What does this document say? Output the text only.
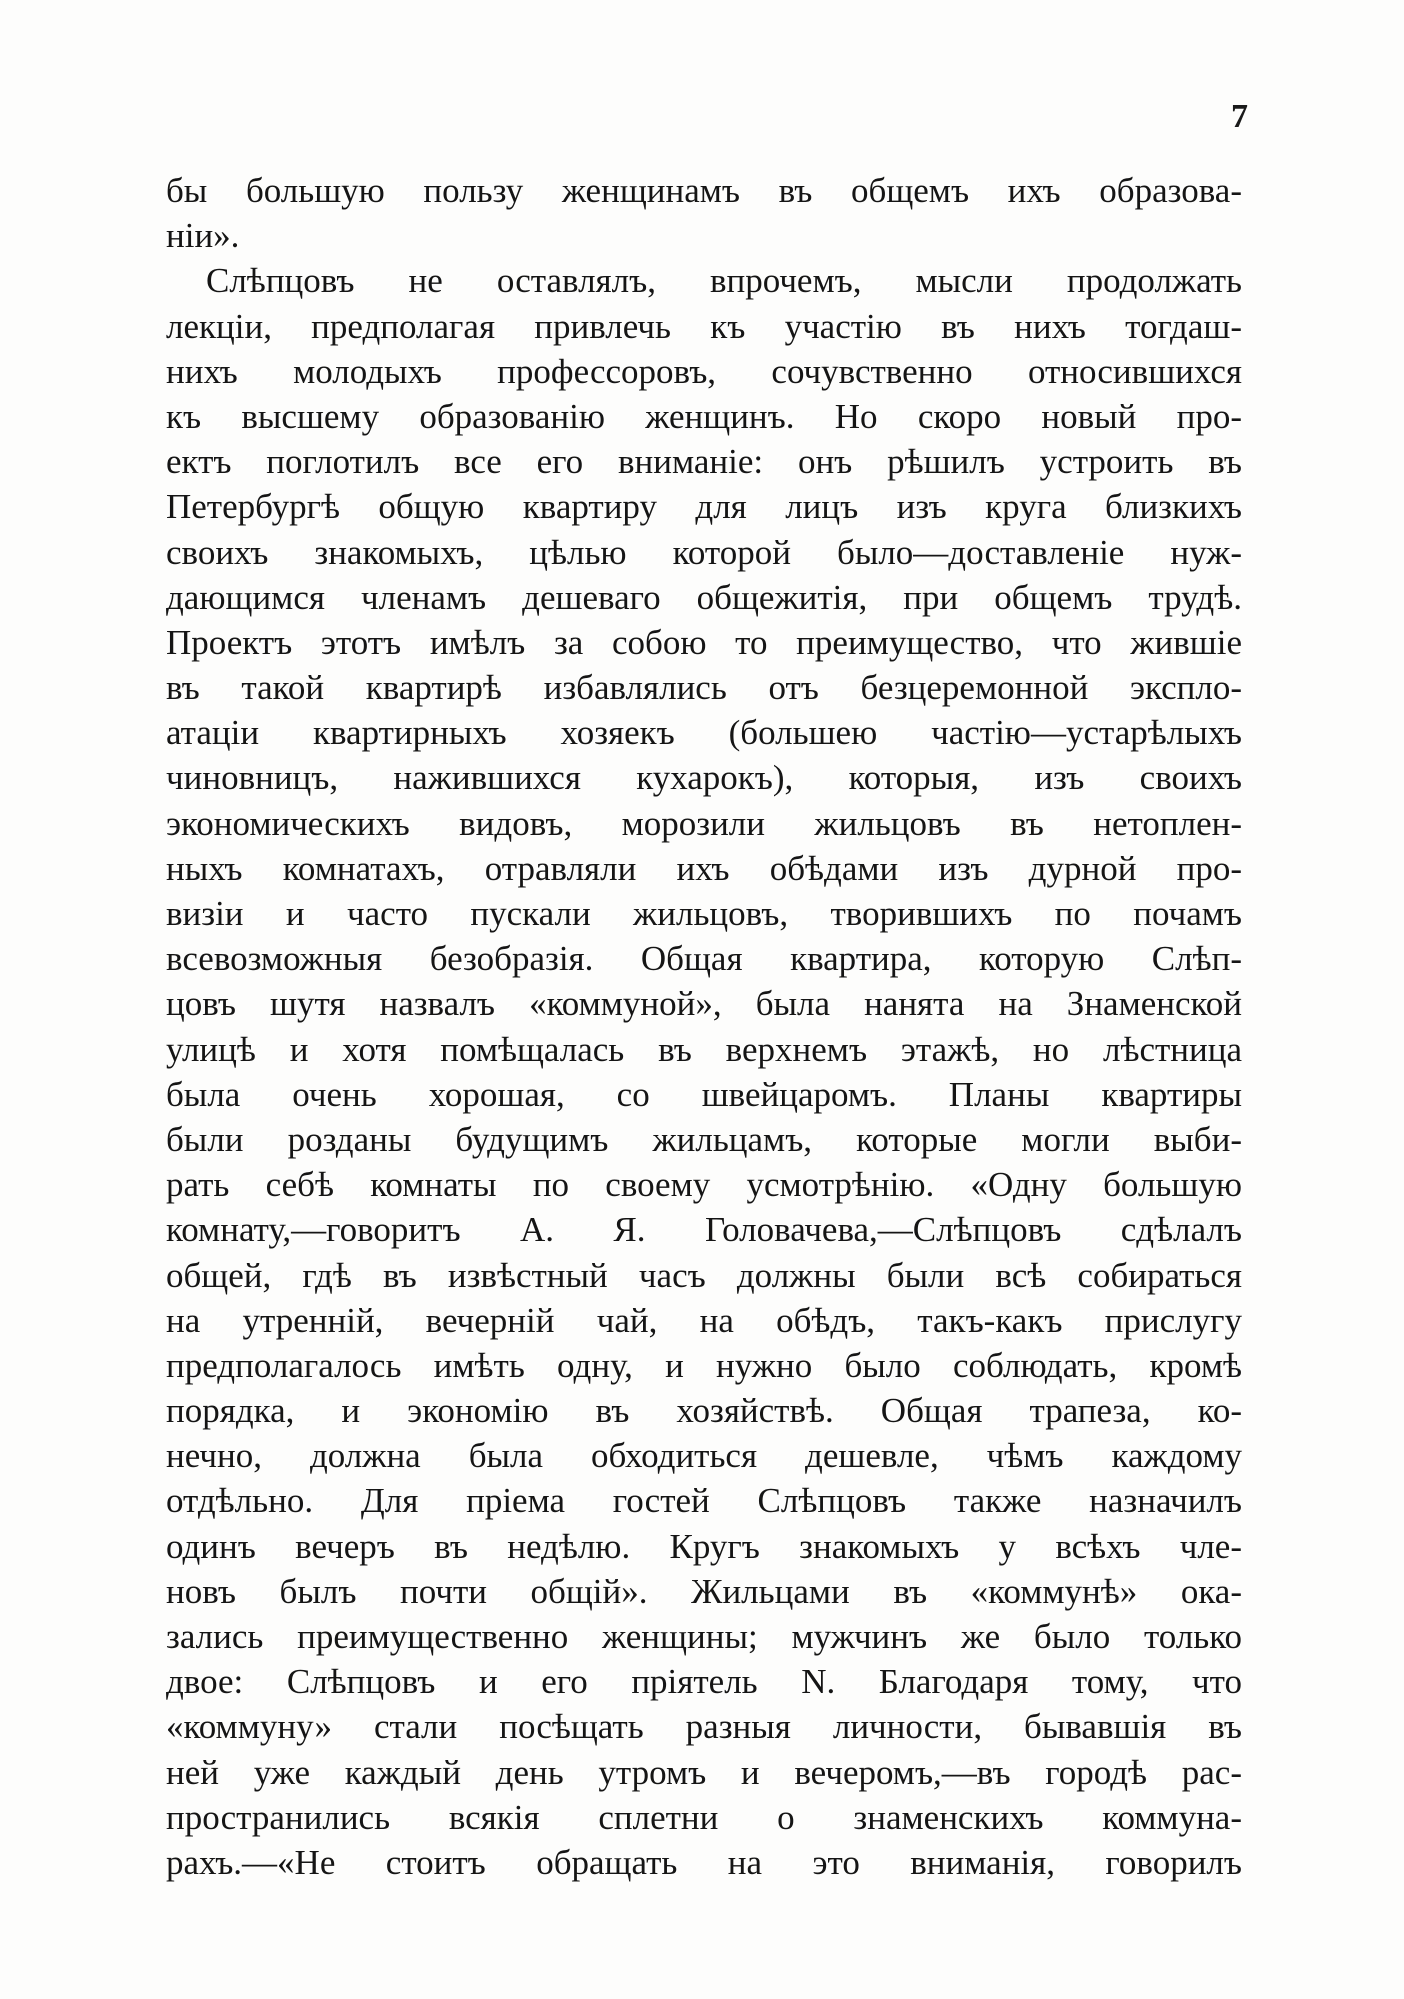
7
бы большую пользу женщинамъ въ общемъ ихъ образова-
ніи».
Слѣпцовъ не оставлялъ, впрочемъ, мысли продолжать
лекціи, предполагая привлечь къ участію въ нихъ тогдаш-
нихъ молодыхъ профессоровъ, сочувственно относившихся
къ высшему образованію женщинъ. Но скоро новый про-
ектъ поглотилъ все его вниманіе: онъ рѣшилъ устроить въ
Петербургѣ общую квартиру для лицъ изъ круга близкихъ
своихъ знакомыхъ, цѣлью которой было—доставленіе нуж-
дающимся членамъ дешеваго общежитія, при общемъ трудѣ.
Проектъ этотъ имѣлъ за собою то преимущество, что жившіе
въ такой квартирѣ избавлялись отъ безцеремонной эксплo-
атаціи квартирныхъ хозяекъ (большею частію—устарѣлыхъ
чиновницъ, нажившихся кухарокъ), которыя, изъ своихъ
экономическихъ видовъ, морозили жильцовъ въ нетоплен-
ныхъ комнатахъ, отравляли ихъ обѣдами изъ дурной про-
визіи и часто пускали жильцовъ, творившихъ по почамъ
всевозможныя безобразія. Общая квартира, которую Слѣп-
цовъ шутя назвалъ «коммуной», была нанята на Знаменской
улицѣ и хотя помѣщалась въ верхнемъ этажѣ, но лѣстница
была очень хорошая, со швейцаромъ. Планы квартиры
были розданы будущимъ жильцамъ, которые могли выби-
рать себѣ комнаты по своему усмотрѣнію. «Одну большую
комнату,—говоритъ А. Я. Головачева,—Слѣпцовъ сдѣлалъ
общей, гдѣ въ извѣстный часъ должны были всѣ собираться
на утренній, вечерній чай, на обѣдъ, такъ-какъ прислугу
предполагалось имѣть одну, и нужно было соблюдать, кромѣ
порядка, и экономію въ хозяйствѣ. Общая трапеза, ко-
нечно, должна была обходиться дешевле, чѣмъ каждому
отдѣльно. Для пріема гостей Слѣпцовъ также назначилъ
одинъ вечеръ въ недѣлю. Кругъ знакомыхъ у всѣхъ чле-
новъ былъ почти общій». Жильцами въ «коммунѣ» ока-
зались преимущественно женщины; мужчинъ же было только
двое: Слѣпцовъ и его пріятель N. Благодаря тому, что
«коммуну» стали посѣщать разныя личности, бывавшія въ
ней уже каждый день утромъ и вечеромъ,—въ городѣ рас-
пространились всякія сплетни о знаменскихъ коммуна-
рахъ.—«Не стоитъ обращать на это вниманія, говорилъ
